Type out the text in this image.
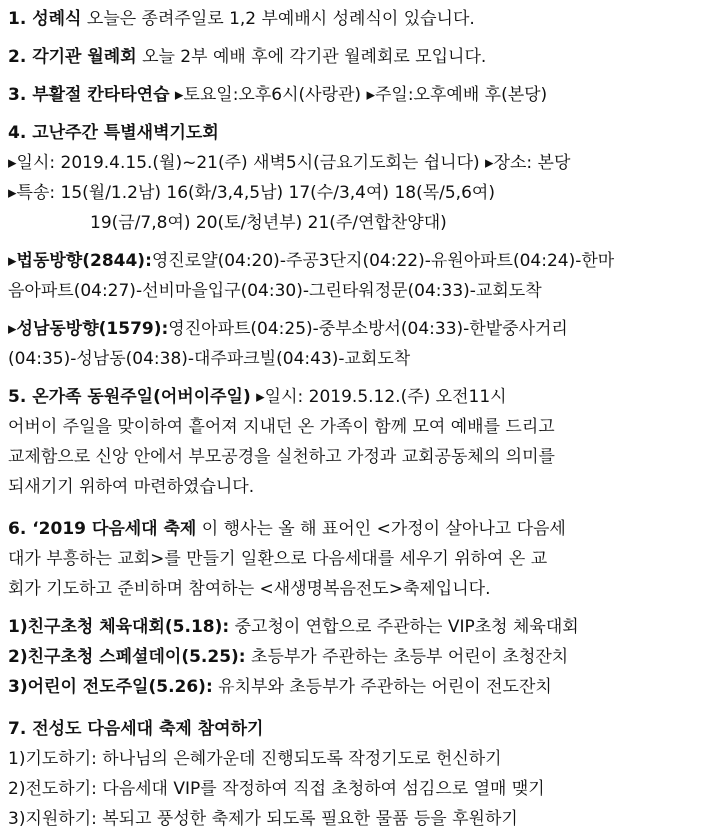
1. 성례식 오늘은 종려주일로 1,2 부예배시 성례식이 있습니다.
2. 각기관 월례회 오늘 2부 예배 후에 각기관 월례회로 모입니다.
3. 부활절 칸타타연습 ▸토요일:오후6시(사랑관) ▸주일:오후예배 후(본당)
4. 고난주간 특별새벽기도회
▸일시: 2019.4.15.(월)~21(주) 새벽5시(금요기도회는 쉽니다) ▸장소: 본당
▸특송: 15(월/1.2남) 16(화/3,4,5남) 17(수/3,4여) 18(목/5,6여)
19(금/7,8여) 20(토/청년부) 21(주/연합찬양대)
▸법동방향(2844):영진로얄(04:20)-주공3단지(04:22)-유원아파트(04:24)-한마
음아파트(04:27)-선비마을입구(04:30)-그린타워정문(04:33)-교회도착
▸성남동방향(1579):영진아파트(04:25)-중부소방서(04:33)-한밭중사거리
(04:35)-성남동(04:38)-대주파크빌(04:43)-교회도착
5. 온가족 동원주일(어버이주일) ▸일시: 2019.5.12.(주) 오전11시
어버이 주일을 맞이하여 흩어져 지내던 온 가족이 함께 모여 예배를 드리고
교제함으로 신앙 안에서 부모공경을 실천하고 가정과 교회공동체의 의미를
되새기기 위하여 마련하였습니다.
6. ‘2019 다음세대 축제 이 행사는 올 해 표어인 <가정이 살아나고 다음세
대가 부흥하는 교회>를 만들기 일환으로 다음세대를 세우기 위하여 온 교
회가 기도하고 준비하며 참여하는 <새생명복음전도>축제입니다.
1)친구초청 체육대회(5.18): 중고청이 연합으로 주관하는 VIP초청 체육대회
2)친구초청 스페셜데이(5.25): 초등부가 주관하는 초등부 어린이 초청잔치
3)어린이 전도주일(5.26): 유치부와 초등부가 주관하는 어린이 전도잔치
7. 전성도 다음세대 축제 참여하기
1)기도하기: 하나님의 은혜가운데 진행되도록 작정기도로 헌신하기
2)전도하기: 다음세대 VIP를 작정하여 직접 초청하여 섬김으로 열매 맺기
3)지원하기: 복되고 풍성한 축제가 되도록 필요한 물품 등을 후원하기
